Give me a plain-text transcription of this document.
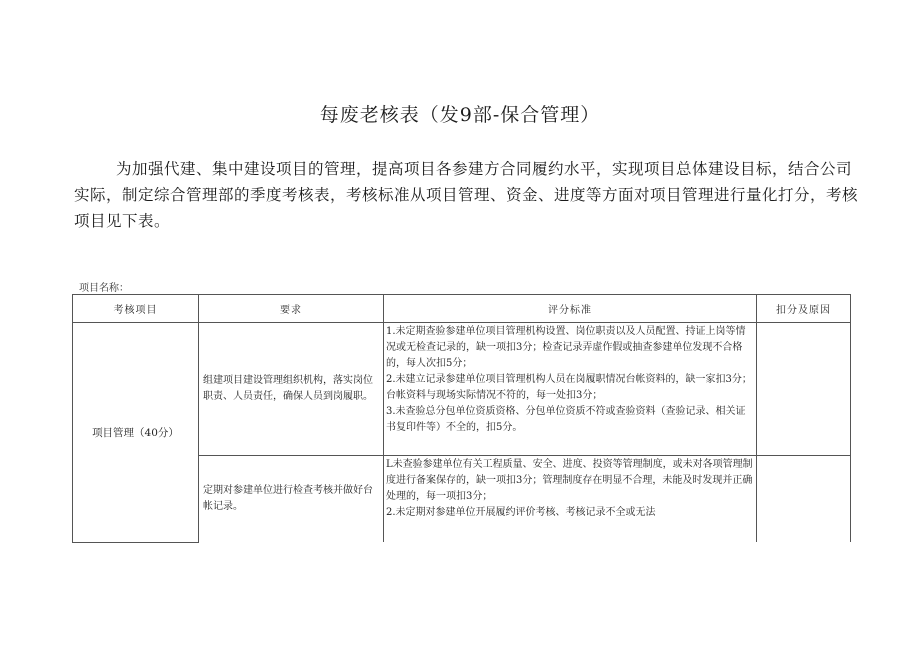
每废老核表（发9部-保合管理）
为加强代建、集中建设项目的管理，提高项目各参建方合同履约水平，实现项目总体建设目标，结合公司实际，制定综合管理部的季度考核表，考核标准从项目管理、资金、进度等方面对项目管理进行量化打分，考核项目见下表。
项目名称：
考核项目	要求	评分标准	扣分及原因
项目管理（40分）	组建项目建设管理组织机构，落实岗位职责、人员责任，确保人员到岗履职。	1.未定期查验参建单位项目管理机构设置、岗位职责以及人员配置、持证上岗等情况或无检查记录的，缺一项扣3分；检查记录弄虚作假或抽查参建单位发现不合格的，每人次扣5分；
2.未建立记录参建单位项目管理机构人员在岗履职情况台帐资料的，缺一家扣3分；台帐资料与现场实际情况不符的，每一处扣3分；
3.未查验总分包单位资质资格、分包单位资质不符或查验资料（查验记录、相关证书复印件等）不全的，扣5分。	

	定期对参建单位进行检查考核并做好台帐记录。	L未查验参建单位有关工程质量、安全、进度、投资等管理制度，或未对各项管理制度进行备案保存的，缺一项扣3分；管理制度存在明显不合理，未能及时发现并正确处理的，每一项扣3分；
2.未定期对参建单位开展履约评价考核、考核记录不全或无法	
